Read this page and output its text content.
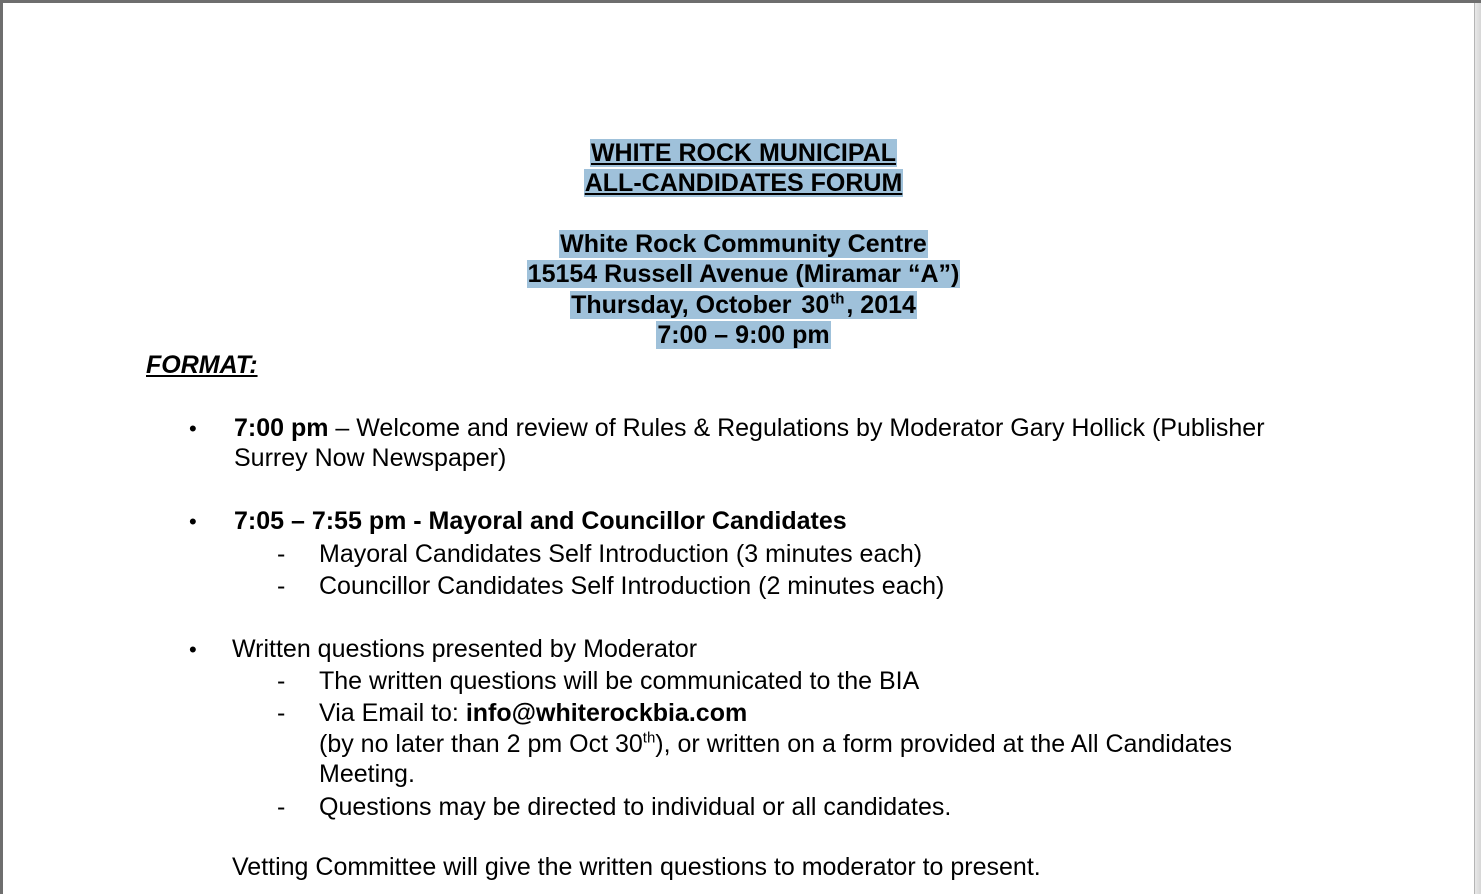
WHITE ROCK MUNICIPAL
ALL-CANDIDATES FORUM
White Rock Community Centre
15154 Russell Avenue (Miramar “A”)
Thursday, October 30th, 2014
7:00 – 9:00 pm
FORMAT:
• 7:00 pm – Welcome and review of Rules & Regulations by Moderator Gary Hollick (Publisher
Surrey Now Newspaper)
• 7:05 – 7:55 pm - Mayoral and Councillor Candidates
- Mayoral Candidates Self Introduction (3 minutes each)
- Councillor Candidates Self Introduction (2 minutes each)
• Written questions presented by Moderator
- The written questions will be communicated to the BIA
- Via Email to: info@whiterockbia.com
(by no later than 2 pm Oct 30th), or written on a form provided at the All Candidates
Meeting.
- Questions may be directed to individual or all candidates.
Vetting Committee will give the written questions to moderator to present.
